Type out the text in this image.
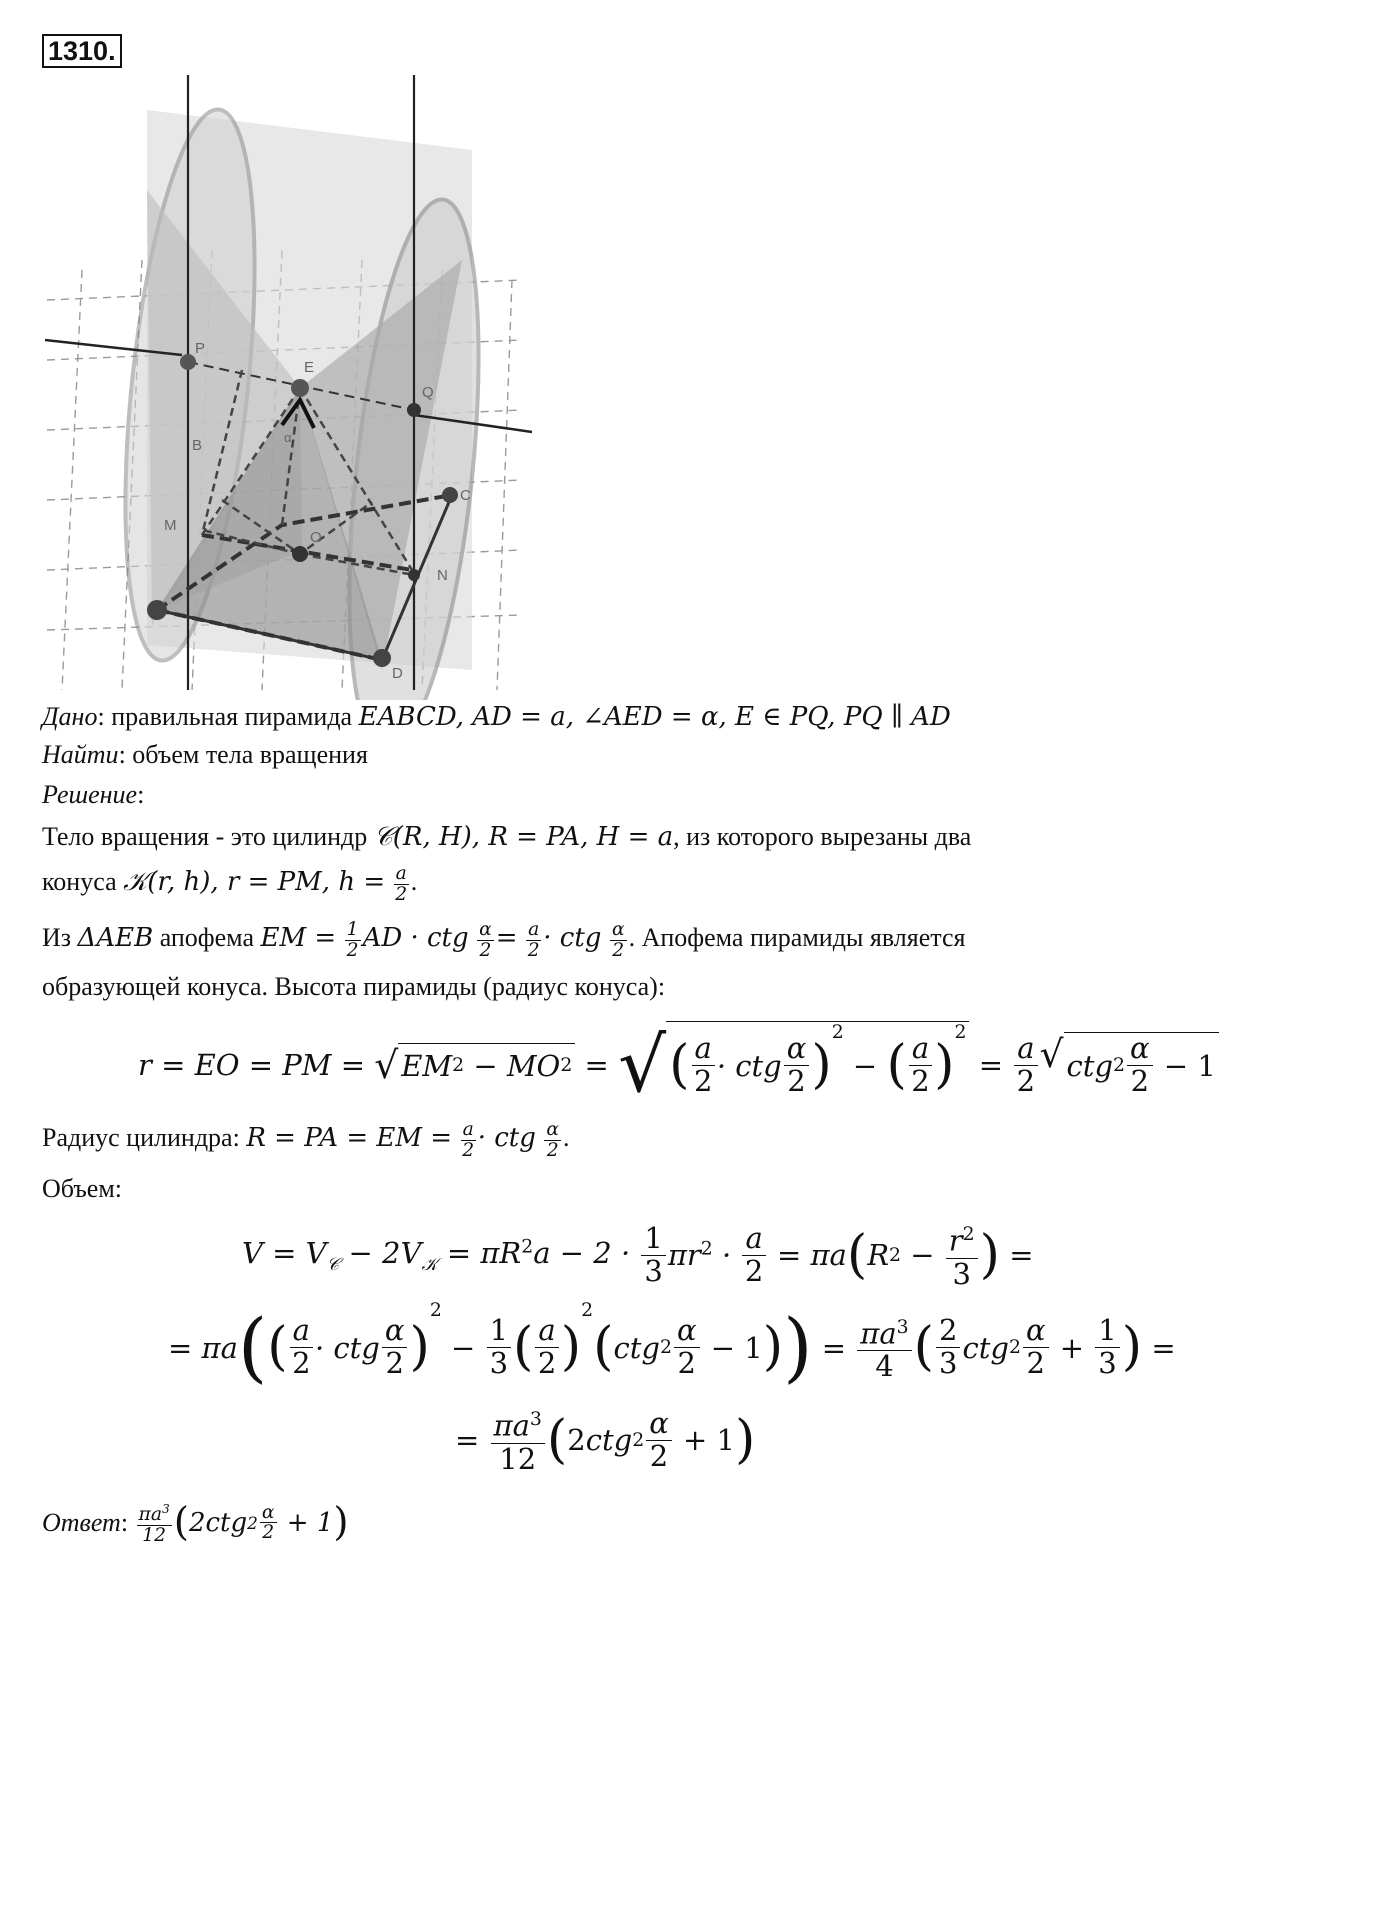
1310.
P
E
Q
B
C
M
O
N
D
α
Дано: правильная пирамида EABCD, AD = a, ∠AED = α, E ∈ PQ, PQ ∥ AD
Найти: объем тела вращения
Решение:
Тело вращения - это цилиндр 𝒞(R, H), R = PA, H = a, из которого вырезаны два
конуса 𝒦(r, h), r = PM, $h = \frac{a}{2}$ .
Из ΔAEB апофема EM = $\frac{1}{2}$ AD · ctg $\frac{\alpha}{2} = \frac{a}{2}$ · ctg $\frac{\alpha}{2}$ . Апофема пирамиды является
образующей конуса. Высота пирамиды (радиус конуса):
r = EO = PM = √ EM 2 − MO 2 = √ ( a
2 · ctg
α
2 )
$^2$
− ( a
2 )
$^2$
= $\frac{a}{2}$ √ ctg 2
α
2 − 1
Радиус цилиндра: R = PA = EM = $\frac{a}{2}$ · ctg $\frac{\alpha}{2}$ .
Объем:
$V = V_𝒞 - 2V_𝒦 = \pi R^2a - 2 \cdot 1$
3 $\pi r^2 \cdot \frac{a}{2} = \pi a$ ( R $2 - r^2$
3 ) =
= πa ( ( a
2 · ctg
α
2 )
2
−
1
3 ( a
2 )
2
( ctg 2
α
2 − 1 ) ) = $\frac{\pi a^3}{4}$ ( 2
3 ctg 2
α
2 +
1
3 ) =
= $\frac{\pi a^3}{12}$ ( 2 ctg 2
α
2 + 1 )
Ответ : $\pi a^3$
12 ( 2ctg 2
α
2 + 1 )
